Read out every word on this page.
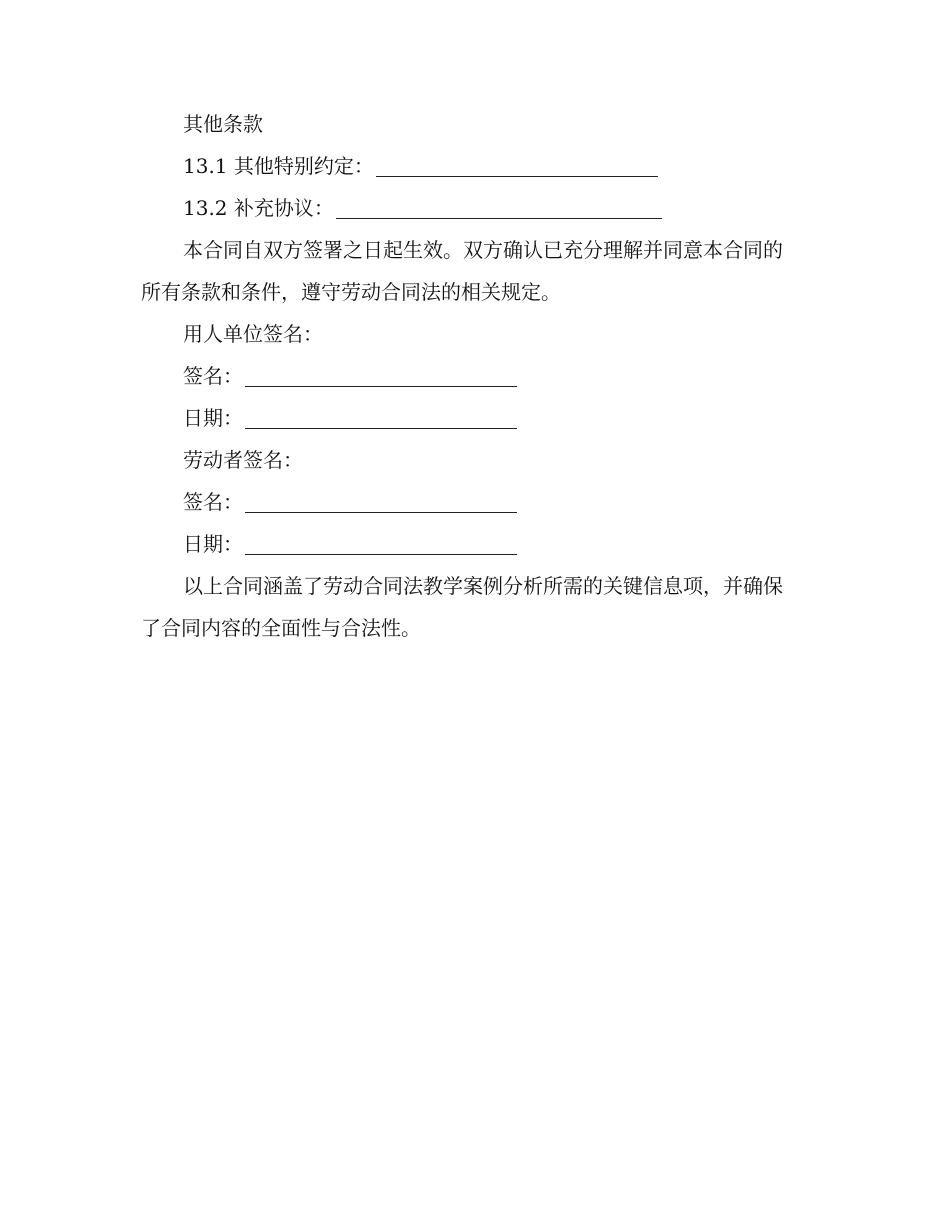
其他条款

13.1 其他特别约定：

13.2 补充协议：

本合同自双方签署之日起生效。双方确认已充分理解并同意本合同的所有条款和条件，遵守劳动合同法的相关规定。

用人单位签名：

签名：

日期：

劳动者签名：

签名：

日期：

以上合同涵盖了劳动合同法教学案例分析所需的关键信息项，并确保了合同内容的全面性与合法性。
